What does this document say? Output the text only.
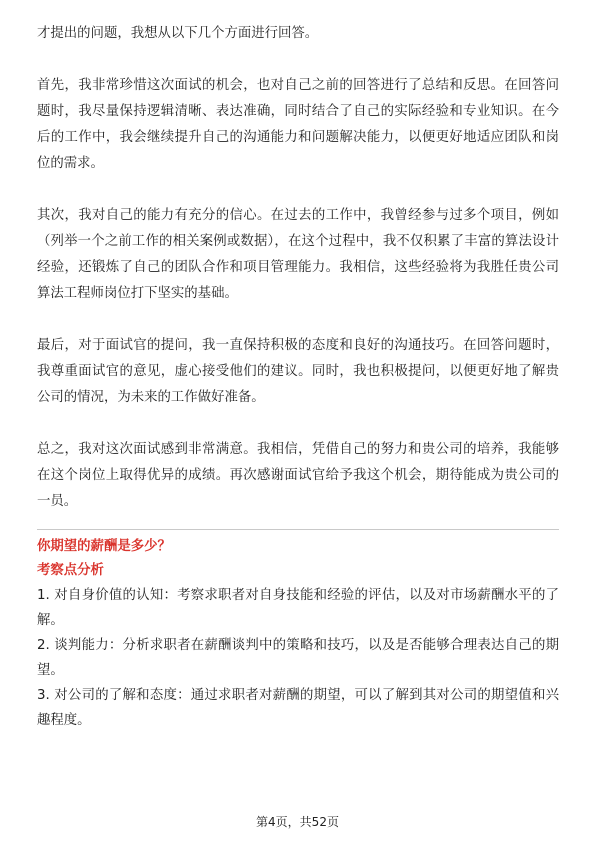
才提出的问题，我想从以下几个方面进行回答。

首先，我非常珍惜这次面试的机会，也对自己之前的回答进行了总结和反思。在回答问题时，我尽量保持逻辑清晰、表达准确，同时结合了自己的实际经验和专业知识。在今后的工作中，我会继续提升自己的沟通能力和问题解决能力，以便更好地适应团队和岗位的需求。

其次，我对自己的能力有充分的信心。在过去的工作中，我曾经参与过多个项目，例如（列举一个之前工作的相关案例或数据），在这个过程中，我不仅积累了丰富的算法设计经验，还锻炼了自己的团队合作和项目管理能力。我相信，这些经验将为我胜任贵公司算法工程师岗位打下坚实的基础。

最后，对于面试官的提问，我一直保持积极的态度和良好的沟通技巧。在回答问题时，我尊重面试官的意见，虚心接受他们的建议。同时，我也积极提问，以便更好地了解贵公司的情况，为未来的工作做好准备。

总之，我对这次面试感到非常满意。我相信，凭借自己的努力和贵公司的培养，我能够在这个岗位上取得优异的成绩。再次感谢面试官给予我这个机会，期待能成为贵公司的一员。

你期望的薪酬是多少？

考察点分析

1. 对自身价值的认知：考察求职者对自身技能和经验的评估，以及对市场薪酬水平的了解。

2. 谈判能力：分析求职者在薪酬谈判中的策略和技巧，以及是否能够合理表达自己的期望。

3. 对公司的了解和态度：通过求职者对薪酬的期望，可以了解到其对公司的期望值和兴趣程度。

第4页，共52页
